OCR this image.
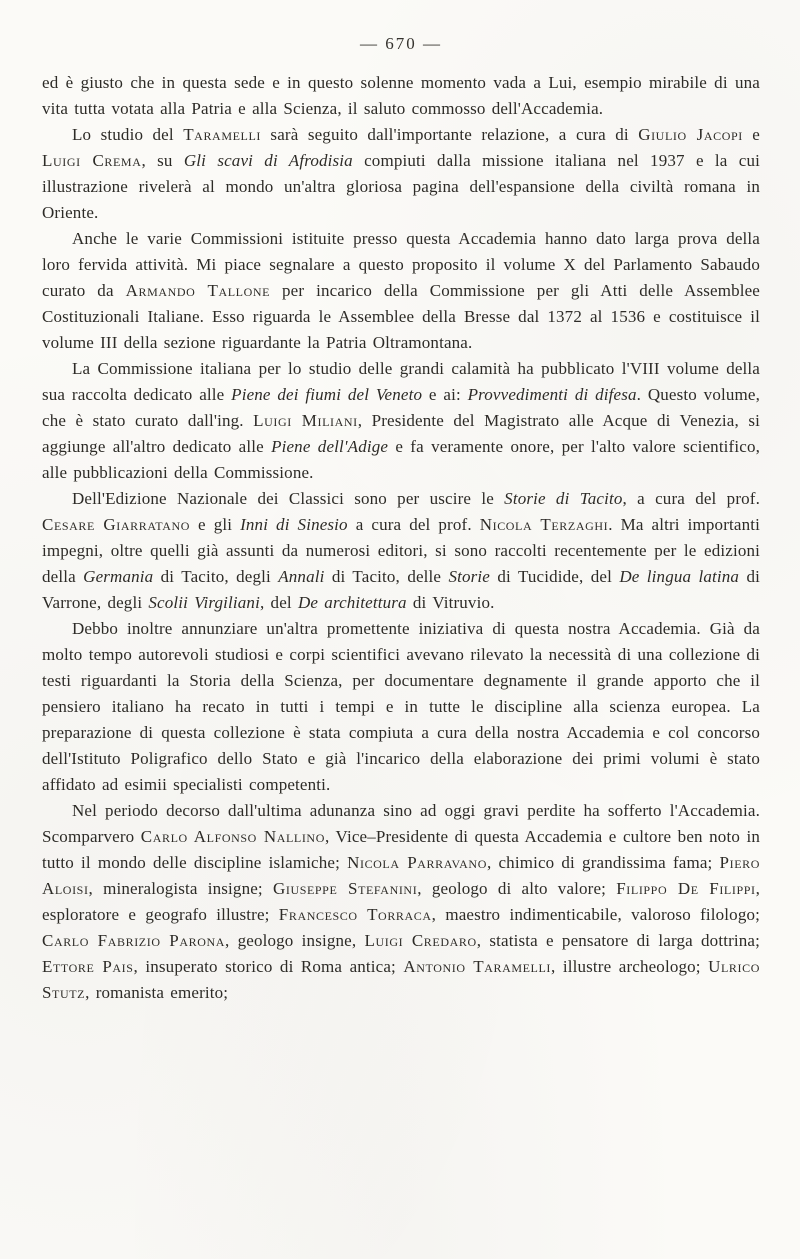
— 670 —

ed è giusto che in questa sede e in questo solenne momento vada a Lui, esempio mirabile di una vita tutta votata alla Patria e alla Scienza, il saluto commosso dell'Accademia.

Lo studio del Taramelli sarà seguito dall'importante relazione, a cura di Giulio Jacopi e Luigi Crema, su Gli scavi di Afrodisia compiuti dalla missione italiana nel 1937 e la cui illustrazione rivelerà al mondo un'altra gloriosa pagina dell'espansione della civiltà romana in Oriente.

Anche le varie Commissioni istituite presso questa Accademia hanno dato larga prova della loro fervida attività. Mi piace segnalare a questo proposito il volume X del Parlamento Sabaudo curato da Armando Tallone per incarico della Commissione per gli Atti delle Assemblee Costituzionali Italiane. Esso riguarda le Assemblee della Bresse dal 1372 al 1536 e costituisce il volume III della sezione riguardante la Patria Oltramontana.

La Commissione italiana per lo studio delle grandi calamità ha pubblicato l'VIII volume della sua raccolta dedicato alle Piene dei fiumi del Veneto e ai: Provvedimenti di difesa. Questo volume, che è stato curato dall'ing. Luigi Miliani, Presidente del Magistrato alle Acque di Venezia, si aggiunge all'altro dedicato alle Piene dell'Adige e fa veramente onore, per l'alto valore scientifico, alle pubblicazioni della Commissione.

Dell'Edizione Nazionale dei Classici sono per uscire le Storie di Tacito, a cura del prof. Cesare Giarratano e gli Inni di Sinesio a cura del prof. Nicola Terzaghi. Ma altri importanti impegni, oltre quelli già assunti da numerosi editori, si sono raccolti recentemente per le edizioni della Germania di Tacito, degli Annali di Tacito, delle Storie di Tucidide, del De lingua latina di Varrone, degli Scolii Virgiliani, del De architettura di Vitruvio.

Debbo inoltre annunziare un'altra promettente iniziativa di questa nostra Accademia. Già da molto tempo autorevoli studiosi e corpi scientifici avevano rilevato la necessità di una collezione di testi riguardanti la Storia della Scienza, per documentare degnamente il grande apporto che il pensiero italiano ha recato in tutti i tempi e in tutte le discipline alla scienza europea. La preparazione di questa collezione è stata compiuta a cura della nostra Accademia e col concorso dell'Istituto Poligrafico dello Stato e già l'incarico della elaborazione dei primi volumi è stato affidato ad esimii specialisti competenti.

Nel periodo decorso dall'ultima adunanza sino ad oggi gravi perdite ha sofferto l'Accademia. Scomparvero Carlo Alfonso Nallino, Vice–Presidente di questa Accademia e cultore ben noto in tutto il mondo delle discipline islamiche; Nicola Parravano, chimico di grandissima fama; Piero Aloisi, mineralogista insigne; Giuseppe Stefanini, geologo di alto valore; Filippo De Filippi, esploratore e geografo illustre; Francesco Torraca, maestro indimenticabile, valoroso filologo; Carlo Fabrizio Parona, geologo insigne, Luigi Credaro, statista e pensatore di larga dottrina; Ettore Pais, insuperato storico di Roma antica; Antonio Taramelli, illustre archeologo; Ulrico Stutz, romanista emerito;
